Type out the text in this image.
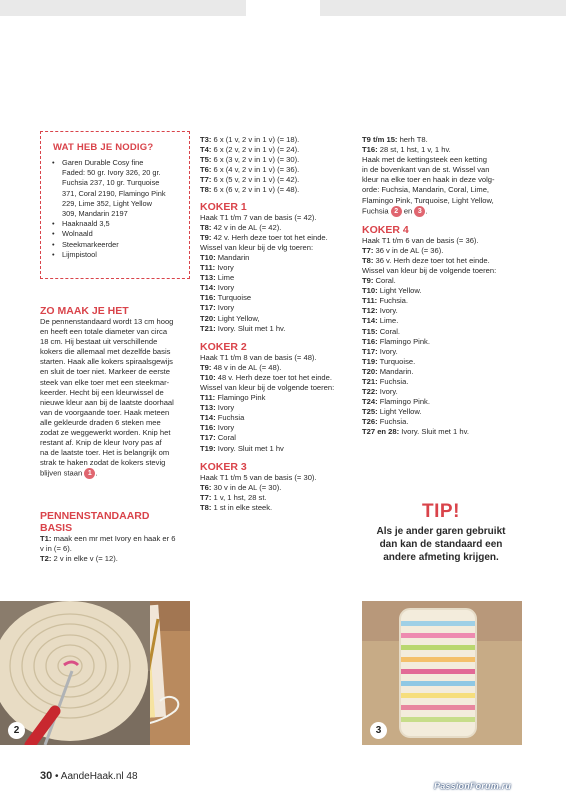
WAT HEB JE NODIG?
• Garen Durable Cosy fine
Faded: 50 gr. Ivory 326, 20 gr.
Fuchsia 237, 10 gr. Turquoise
371, Coral 2190, Flamingo Pink
229, Lime 352, Light Yellow
309, Mandarin 2197
• Haaknaald 3,5
• Wolnaald
• Steekmarkeerder
• Lijmpistool
ZO MAAK JE HET
De pennenstandaard wordt 13 cm hoog
en heeft een totale diameter van circa
18 cm. Hij bestaat uit verschillende
kokers die allemaal met dezelfde basis
starten. Haak alle kokers spiraalsgewijs
en sluit de toer niet. Markeer de eerste
steek van elke toer met een steekmar-
keerder. Hecht bij een kleurwissel de
nieuwe kleur aan bij de laatste doorhaal
van de voorgaande toer. Haak meteen
alle gekleurde draden 6 steken mee
zodat ze weggewerkt worden. Knip het
restant af. Knip de kleur Ivory pas af
na de laatste toer. Het is belangrijk om
strak te haken zodat de kokers stevig
blijven staan 1 .
PENNENSTANDAARD
BASIS
T1: maak een mr met Ivory en haak er 6
v in (= 6).
T2: 2 v in elke v (= 12).
T3: 6 x (1 v, 2 v in 1 v) (= 18).
T4: 6 x (2 v, 2 v in 1 v) (= 24).
T5: 6 x (3 v, 2 v in 1 v) (= 30).
T6: 6 x (4 v, 2 v in 1 v) (= 36).
T7: 6 x (5 v, 2 v in 1 v) (= 42).
T8: 6 x (6 v, 2 v in 1 v) (= 48).
KOKER 1
Haak T1 t/m 7 van de basis (= 42).
T8: 42 v in de AL (= 42).
T9: 42 v. Herh deze toer tot het einde.
Wissel van kleur bij de vlg toeren:
T10: Mandarin
T11: Ivory
T13: Lime
T14: Ivory
T16: Turquoise
T17: Ivory
T20: Light Yellow,
T21: Ivory. Sluit met 1 hv.
KOKER 2
Haak T1 t/m 8 van de basis (= 48).
T9: 48 v in de AL (= 48).
T10: 48 v. Herh deze toer tot het einde.
Wissel van kleur bij de volgende toeren:
T11: Flamingo Pink
T13: Ivory
T14: Fuchsia
T16: Ivory
T17: Coral
T19: Ivory. Sluit met 1 hv
KOKER 3
Haak T1 t/m 5 van de basis (= 30).
T6: 30 v in de AL (= 30).
T7: 1 v, 1 hst, 28 st.
T8: 1 st in elke steek.
T9 t/m 15: herh T8.
T16: 28 st, 1 hst, 1 v, 1 hv.
Haak met de kettingsteek een ketting
in de bovenkant van de st. Wissel van
kleur na elke toer en haak in deze volg-
orde: Fuchsia, Mandarin, Coral, Lime,
Flamingo Pink, Turquoise, Light Yellow,
Fuchsia 2 en 3 .
KOKER 4
Haak T1 t/m 6 van de basis (= 36).
T7: 36 v in de AL (= 36).
T8: 36 v. Herh deze toer tot het einde.
Wissel van kleur bij de volgende toeren:
T9: Coral.
T10: Light Yellow.
T11: Fuchsia.
T12: Ivory.
T14: Lime.
T15: Coral.
T16: Flamingo Pink.
T17: Ivory.
T19: Turquoise.
T20: Mandarin.
T21: Fuchsia.
T22: Ivory.
T24: Flamingo Pink.
T25: Light Yellow.
T26: Fuchsia.
T27 en 28: Ivory. Sluit met 1 hv.
TIP!
Als je ander garen gebruikt
dan kan de standaard een
andere afmeting krijgen.
2	3
30 • AandeHaak.nl 48
PassionForum.ru
